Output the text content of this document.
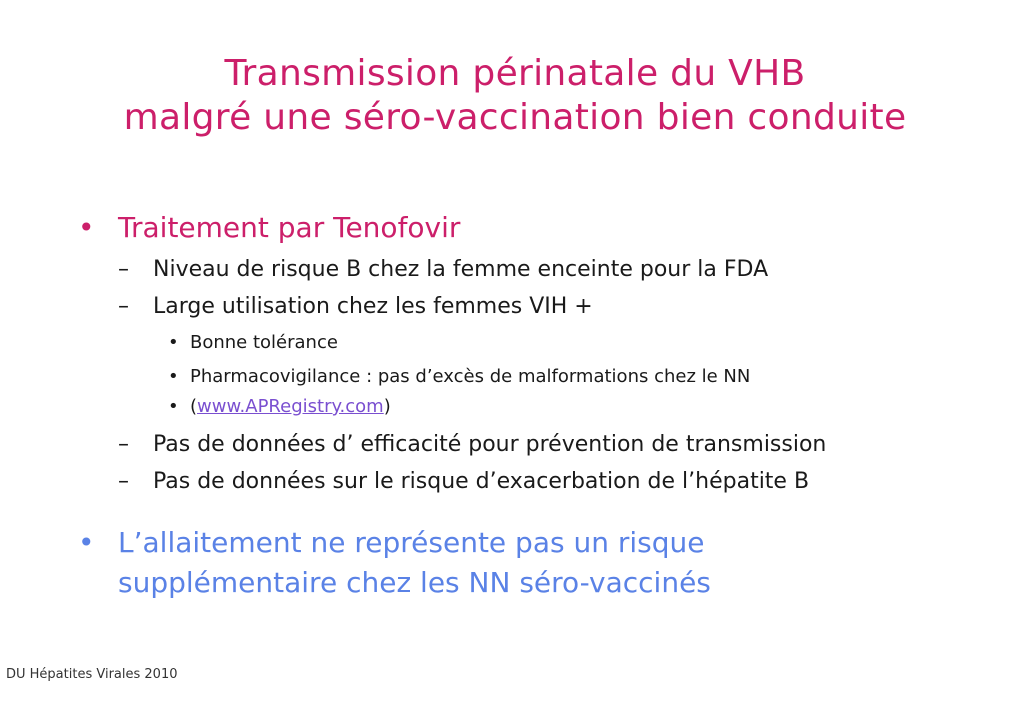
Transmission périnatale du VHB
malgré une séro-vaccination bien conduite
• Traitement par Tenofovir
– Niveau de risque B chez la femme enceinte pour la FDA
– Large utilisation chez les femmes VIH +
• Bonne tolérance
• Pharmacovigilance : pas d’excès de malformations chez le NN
• (www.APRegistry.com)
– Pas de données d’ efficacité pour prévention de transmission
– Pas de données sur le risque d’exacerbation de l’hépatite B
• L’allaitement ne représente pas un risque
supplémentaire chez les NN séro-vaccinés
DU Hépatites Virales 2010
